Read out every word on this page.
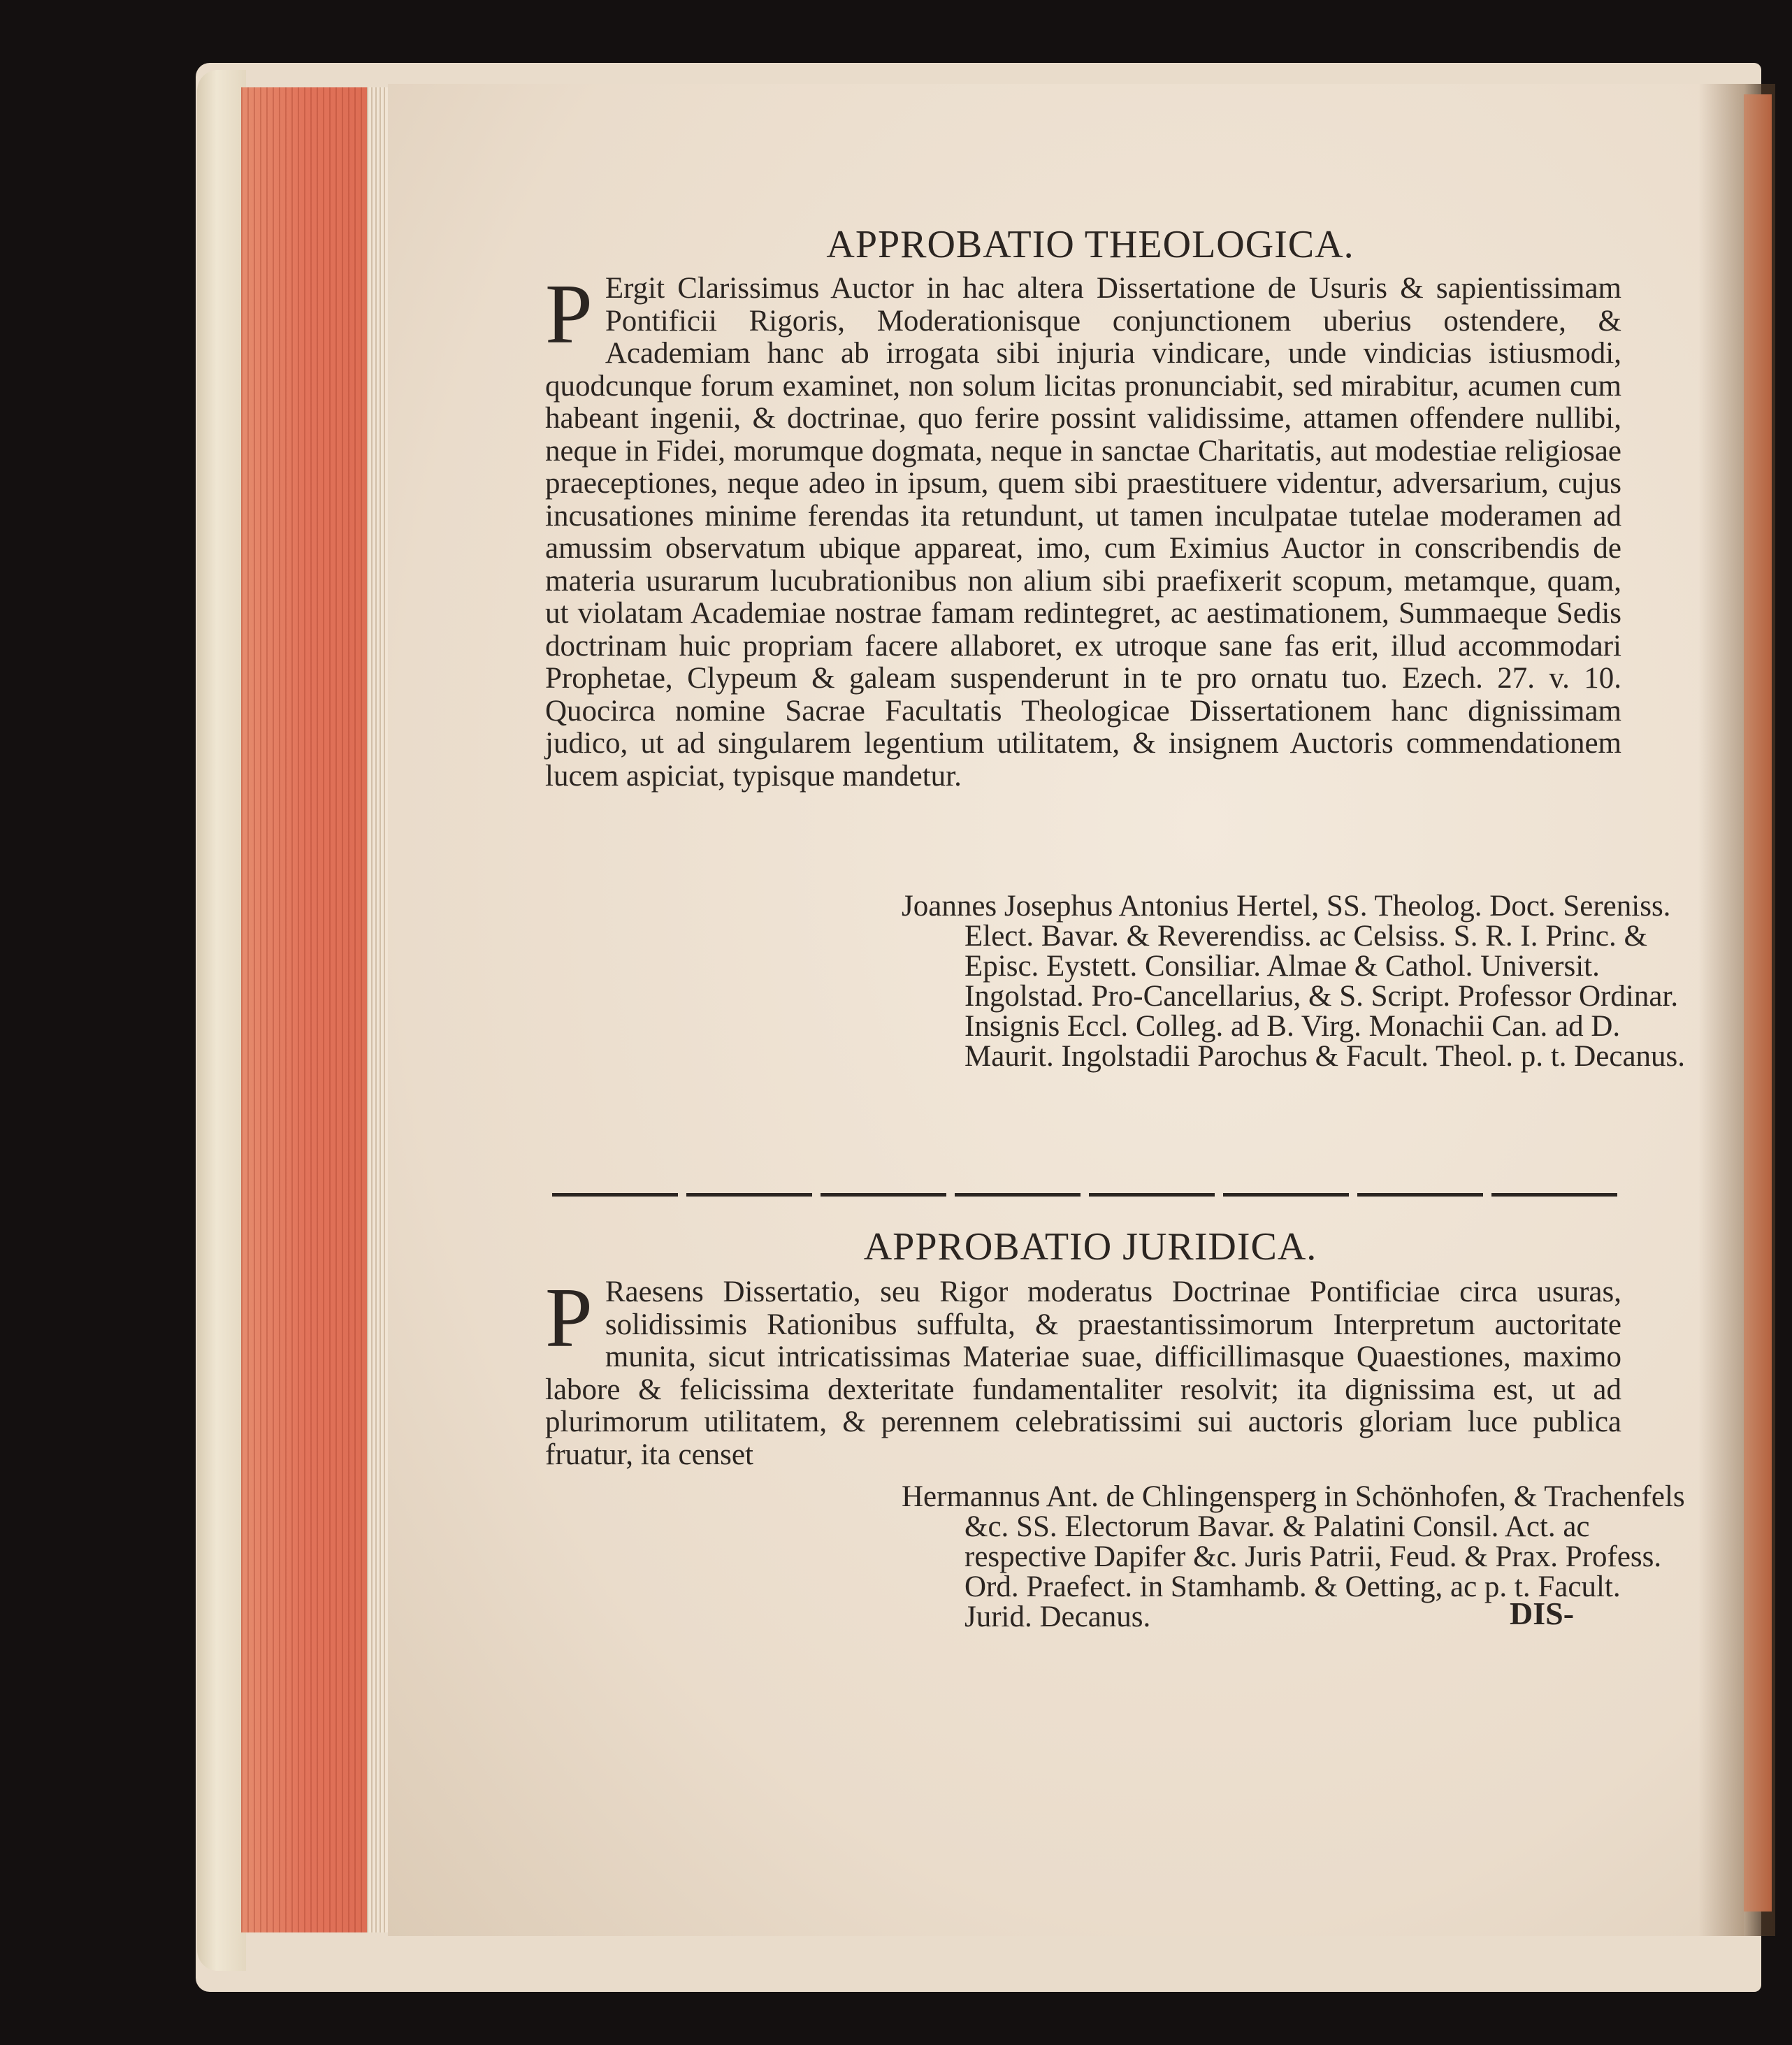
APPROBATIO THEOLOGICA.

P Ergit Clarissimus Auctor in hac altera Dissertatione de Usuris & sapientissimam Pontificii Rigoris, Moderationisque conjunctionem uberius ostendere, & Academiam hanc ab irrogata sibi injuria vindicare, unde vindicias istiusmodi, quodcunque forum examinet, non solum licitas pronunciabit, sed mirabitur, acumen cum habeant ingenii, & doctrinae, quo ferire possint validissime, attamen offendere nullibi, neque in Fidei, morumque dogmata, neque in sanctae Charitatis, aut modestiae religiosae praeceptiones, neque adeo in ipsum, quem sibi praestituere videntur, adversarium, cujus incusationes minime ferendas ita retundunt, ut tamen inculpatae tutelae moderamen ad amussim observatum ubique appareat, imo, cum Eximius Auctor in conscribendis de materia usurarum lucubrationibus non alium sibi praefixerit scopum, metamque, quam, ut violatam Academiae nostrae famam redintegret, ac aestimationem, Summaeque Sedis doctrinam huic propriam facere allaboret, ex utroque sane fas erit, illud accommodari Prophetae, Clypeum & galeam suspenderunt in te pro ornatu tuo. Ezech. 27. v. 10. Quocirca nomine Sacrae Facultatis Theologicae Dissertationem hanc dignissimam judico, ut ad singularem legentium utilitatem, & insignem Auctoris commendationem lucem aspiciat, typisque mandetur.

Joannes Josephus Antonius Hertel, SS. Theolog. Doct. Sereniss. Elect. Bavar. & Reverendiss. ac Celsiss. S. R. I. Princ. & Episc. Eystett. Consiliar. Almae & Cathol. Universit. Ingolstad. Pro-Cancellarius, & S. Script. Professor Ordinar. Insignis Eccl. Colleg. ad B. Virg. Monachii Can. ad D. Maurit. Ingolstadii Parochus & Facult. Theol. p. t. Decanus.

APPROBATIO JURIDICA.

P Raesens Dissertatio, seu Rigor moderatus Doctrinae Pontificiae circa usuras, solidissimis Rationibus suffulta, & praestantissimorum Interpretum auctoritate munita, sicut intricatissimas Materiae suae, difficillimasque Quaestiones, maximo labore & felicissima dexteritate fundamentaliter resolvit; ita dignissima est, ut ad plurimorum utilitatem, & perennem celebratissimi sui auctoris gloriam luce publica fruatur, ita censet

Hermannus Ant. de Chlingensperg in Schönhofen, & Trachenfels &c. SS. Electorum Bavar. & Palatini Consil. Act. ac respective Dapifer &c. Juris Patrii, Feud. & Prax. Profess. Ord. Praefect. in Stamhamb. & Oetting, ac p. t. Facult. Jurid. Decanus.	DIS-
